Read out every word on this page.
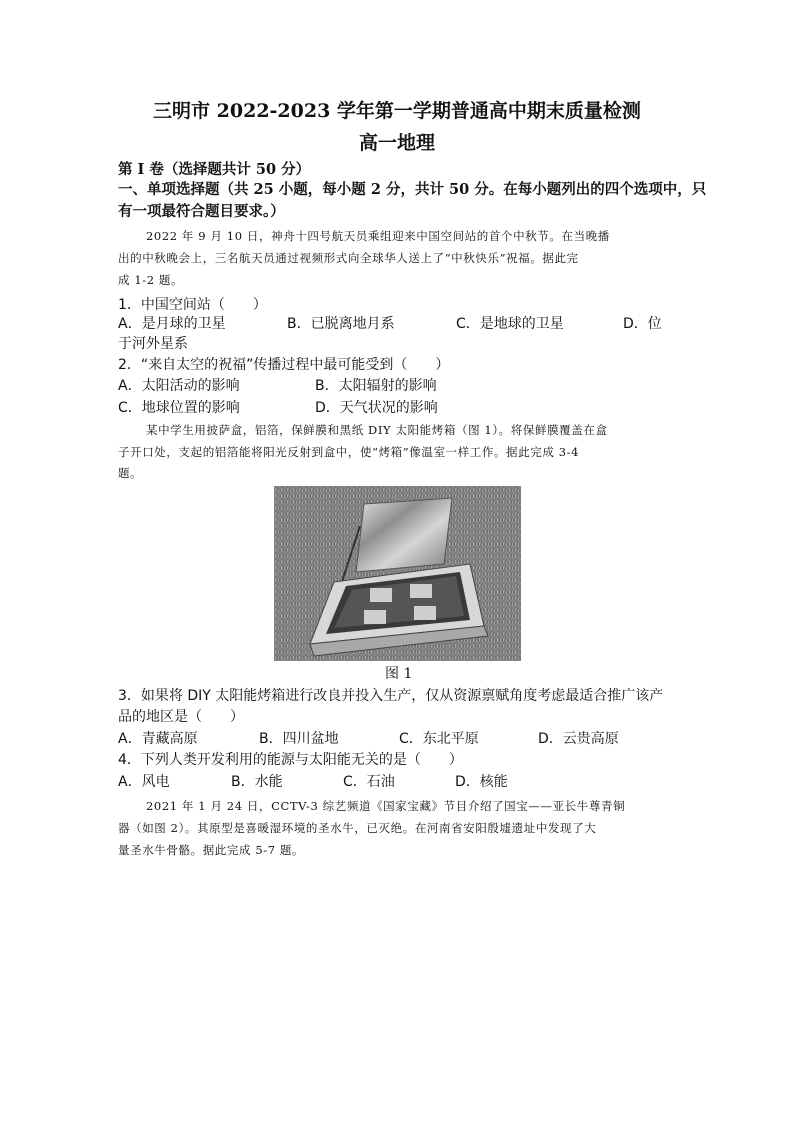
三明市 2022-2023 学年第一学期普通高中期末质量检测
高一地理
第 I 卷（选择题共计 50 分）
一、单项选择题（共 25 小题，每小题 2 分，共计 50 分。在每小题列出的四个选项中，只
有一项最符合题目要求。）
2022 年 9 月 10 日，神舟十四号航天员乘组迎来中国空间站的首个中秋节。在当晚播
出的中秋晚会上，三名航天员通过视频形式向全球华人送上了“中秋快乐”祝福。据此完
成 1-2 题。
1．中国空间站（　　）
A．是月球的卫星	B．已脱离地月系	C．是地球的卫星	D．位
于河外星系
2．“来自太空的祝福”传播过程中最可能受到（　　）
A．太阳活动的影响	B．太阳辐射的影响
C．地球位置的影响	D．天气状况的影响
某中学生用披萨盒，铝箔，保鲜膜和黑纸 DIY 太阳能烤箱（图 1）。将保鲜膜覆盖在盒
子开口处，支起的铝箔能将阳光反射到盒中，使“烤箱”像温室一样工作。据此完成 3-4
题。
图 1
3．如果将 DIY 太阳能烤箱进行改良并投入生产，仅从资源禀赋角度考虑最适合推广该产
品的地区是（　　）
A．青藏高原	B．四川盆地	C．东北平原	D．云贵高原
4．下列人类开发利用的能源与太阳能无关的是（　　）
A．风电	B．水能	C．石油	D．核能
2021 年 1 月 24 日，CCTV-3 综艺频道《国家宝藏》节目介绍了国宝——亚长牛尊青铜
器（如图 2）。其原型是喜暖湿环境的圣水牛，已灭绝。在河南省安阳殷墟遗址中发现了大
量圣水牛骨骼。据此完成 5-7 题。
